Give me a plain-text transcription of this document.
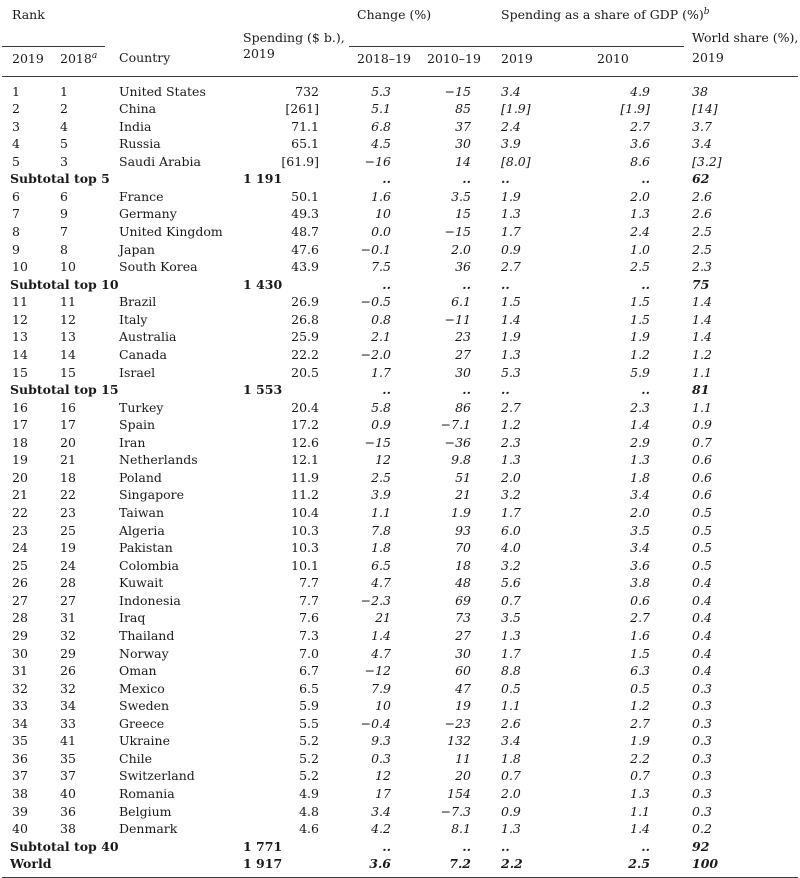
Rank			Spending ($ b.),	Change (%)		Spending as a share of GDP (%)$^b$		World share (%),
2019	2018$^a$	Country	2019	2018–19	2010–19	2019	2010	2019
1	1	United States	732	5.3	−15	3.4	4.9	38
2	2	China	[261]	5.1	85	[1.9]	[1.9]	[14]
3	4	India	71.1	6.8	37	2.4	2.7	3.7
4	5	Russia	65.1	4.5	30	3.9	3.6	3.4
5	3	Saudi Arabia	[61.9]	−16	14	[8.0]	8.6	[3.2]
Subtotal top 5			1 191	..	..	..	..	62
6	6	France	50.1	1.6	3.5	1.9	2.0	2.6
7	9	Germany	49.3	10	15	1.3	1.3	2.6
8	7	United Kingdom	48.7	0.0	−15	1.7	2.4	2.5
9	8	Japan	47.6	−0.1	2.0	0.9	1.0	2.5
10	10	South Korea	43.9	7.5	36	2.7	2.5	2.3
Subtotal top 10			1 430	..	..	..	..	75
11	11	Brazil	26.9	−0.5	6.1	1.5	1.5	1.4
12	12	Italy	26.8	0.8	−11	1.4	1.5	1.4
13	13	Australia	25.9	2.1	23	1.9	1.9	1.4
14	14	Canada	22.2	−2.0	27	1.3	1.2	1.2
15	15	Israel	20.5	1.7	30	5.3	5.9	1.1
Subtotal top 15			1 553	..	..	..	..	81
16	16	Turkey	20.4	5.8	86	2.7	2.3	1.1
17	17	Spain	17.2	0.9	−7.1	1.2	1.4	0.9
18	20	Iran	12.6	−15	−36	2.3	2.9	0.7
19	21	Netherlands	12.1	12	9.8	1.3	1.3	0.6
20	18	Poland	11.9	2.5	51	2.0	1.8	0.6
21	22	Singapore	11.2	3.9	21	3.2	3.4	0.6
22	23	Taiwan	10.4	1.1	1.9	1.7	2.0	0.5
23	25	Algeria	10.3	7.8	93	6.0	3.5	0.5
24	19	Pakistan	10.3	1.8	70	4.0	3.4	0.5
25	24	Colombia	10.1	6.5	18	3.2	3.6	0.5
26	28	Kuwait	7.7	4.7	48	5.6	3.8	0.4
27	27	Indonesia	7.7	−2.3	69	0.7	0.6	0.4
28	31	Iraq	7.6	21	73	3.5	2.7	0.4
29	32	Thailand	7.3	1.4	27	1.3	1.6	0.4
30	29	Norway	7.0	4.7	30	1.7	1.5	0.4
31	26	Oman	6.7	−12	60	8.8	6.3	0.4
32	32	Mexico	6.5	7.9	47	0.5	0.5	0.3
33	34	Sweden	5.9	10	19	1.1	1.2	0.3
34	33	Greece	5.5	−0.4	−23	2.6	2.7	0.3
35	41	Ukraine	5.2	9.3	132	3.4	1.9	0.3
36	35	Chile	5.2	0.3	11	1.8	2.2	0.3
37	37	Switzerland	5.2	12	20	0.7	0.7	0.3
38	40	Romania	4.9	17	154	2.0	1.3	0.3
39	36	Belgium	4.8	3.4	−7.3	0.9	1.1	0.3
40	38	Denmark	4.6	4.2	8.1	1.3	1.4	0.2
Subtotal top 40			1 771	..	..	..	..	92
World			1 917	3.6	7.2	2.2	2.5	100
